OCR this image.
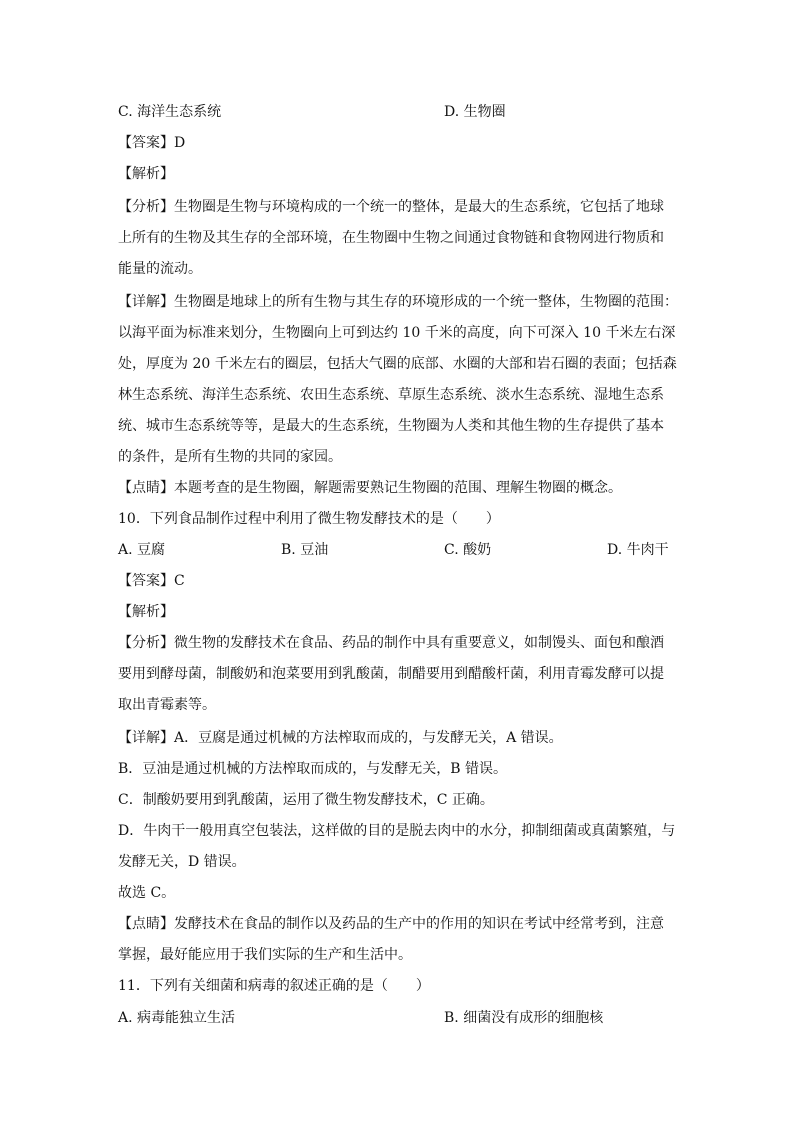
C. 海洋生态系统	D. 生物圈
【答案】D
【解析】
【分析】生物圈是生物与环境构成的一个统一的整体，是最大的生态系统，它包括了地球
上所有的生物及其生存的全部环境，在生物圈中生物之间通过食物链和食物网进行物质和
能量的流动。
【详解】生物圈是地球上的所有生物与其生存的环境形成的一个统一整体，生物圈的范围：
以海平面为标准来划分，生物圈向上可到达约 10 千米的高度，向下可深入 10 千米左右深
处，厚度为 20 千米左右的圈层，包括大气圈的底部、水圈的大部和岩石圈的表面；包括森
林生态系统、海洋生态系统、农田生态系统、草原生态系统、淡水生态系统、湿地生态系
统、城市生态系统等等，是最大的生态系统，生物圈为人类和其他生物的生存提供了基本
的条件，是所有生物的共同的家园。
【点睛】本题考查的是生物圈，解题需要熟记生物圈的范围、理解生物圈的概念。
10．下列食品制作过程中利用了微生物发酵技术的是（　　）
A. 豆腐	B. 豆油	C. 酸奶	D. 牛肉干
【答案】C
【解析】
【分析】微生物的发酵技术在食品、药品的制作中具有重要意义，如制馒头、面包和酿酒
要用到酵母菌，制酸奶和泡菜要用到乳酸菌，制醋要用到醋酸杆菌，利用青霉发酵可以提
取出青霉素等。
【详解】A．豆腐是通过机械的方法榨取而成的，与发酵无关，A 错误。
B．豆油是通过机械的方法榨取而成的，与发酵无关，B 错误。
C．制酸奶要用到乳酸菌，运用了微生物发酵技术，C 正确。
D．牛肉干一般用真空包装法，这样做的目的是脱去肉中的水分，抑制细菌或真菌繁殖，与
发酵无关，D 错误。
故选 C。
【点睛】发酵技术在食品的制作以及药品的生产中的作用的知识在考试中经常考到，注意
掌握，最好能应用于我们实际的生产和生活中。
11．下列有关细菌和病毒的叙述正确的是（　　）
A. 病毒能独立生活	B. 细菌没有成形的细胞核
